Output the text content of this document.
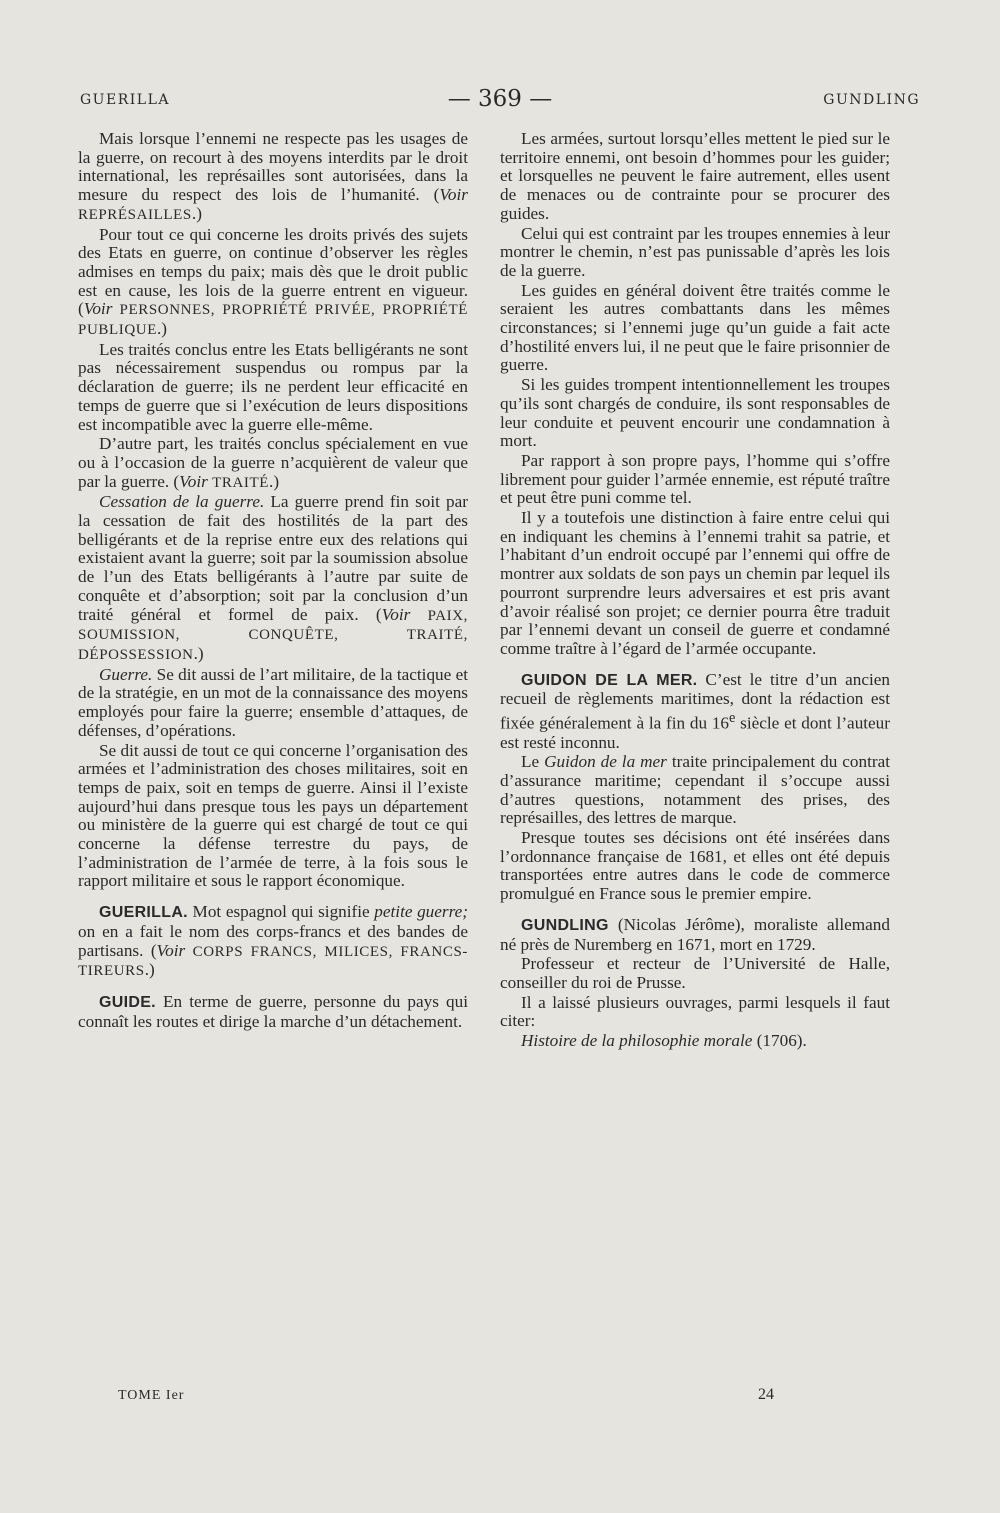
GUERILLA	— 369 —	GUNDLING

Mais lorsque l’ennemi ne respecte pas les usages de la guerre, on recourt à des moyens interdits par le droit international, les représailles sont autorisées, dans la mesure du respect des lois de l’humanité. (Voir REPRÉSAILLES.)

Pour tout ce qui concerne les droits privés des sujets des Etats en guerre, on continue d’observer les règles admises en temps du paix; mais dès que le droit public est en cause, les lois de la guerre entrent en vigueur. (Voir PERSONNES, PROPRIÉTÉ PRIVÉE, PROPRIÉTÉ PUBLIQUE.)

Les traités conclus entre les Etats belligérants ne sont pas nécessairement suspendus ou rompus par la déclaration de guerre; ils ne perdent leur efficacité en temps de guerre que si l’exécution de leurs dispositions est incompatible avec la guerre elle-même.

D’autre part, les traités conclus spécialement en vue ou à l’occasion de la guerre n’acquièrent de valeur que par la guerre. (Voir TRAITÉ.)

Cessation de la guerre. La guerre prend fin soit par la cessation de fait des hostilités de la part des belligérants et de la reprise entre eux des relations qui existaient avant la guerre; soit par la soumission absolue de l’un des Etats belligérants à l’autre par suite de conquête et d’absorption; soit par la conclusion d’un traité général et formel de paix. (Voir PAIX, SOUMISSION, CONQUÊTE, TRAITÉ, DÉPOSSESSION.)

Guerre. Se dit aussi de l’art militaire, de la tactique et de la stratégie, en un mot de la connaissance des moyens employés pour faire la guerre; ensemble d’attaques, de défenses, d’opérations.

Se dit aussi de tout ce qui concerne l’organisation des armées et l’administration des choses militaires, soit en temps de paix, soit en temps de guerre. Ainsi il l’existe aujourd’hui dans presque tous les pays un département ou ministère de la guerre qui est chargé de tout ce qui concerne la défense terrestre du pays, de l’administration de l’armée de terre, à la fois sous le rapport militaire et sous le rapport économique.

GUERILLA. Mot espagnol qui signifie petite guerre; on en a fait le nom des corps-francs et des bandes de partisans. (Voir CORPS FRANCS, MILICES, FRANCS-TIREURS.)

GUIDE. En terme de guerre, personne du pays qui connaît les routes et dirige la marche d’un détachement.

Les armées, surtout lorsqu’elles mettent le pied sur le territoire ennemi, ont besoin d’hommes pour les guider; et lorsquelles ne peuvent le faire autrement, elles usent de menaces ou de contrainte pour se procurer des guides.

Celui qui est contraint par les troupes ennemies à leur montrer le chemin, n’est pas punissable d’après les lois de la guerre.

Les guides en général doivent être traités comme le seraient les autres combattants dans les mêmes circonstances; si l’ennemi juge qu’un guide a fait acte d’hostilité envers lui, il ne peut que le faire prisonnier de guerre.

Si les guides trompent intentionnellement les troupes qu’ils sont chargés de conduire, ils sont responsables de leur conduite et peuvent encourir une condamnation à mort.

Par rapport à son propre pays, l’homme qui s’offre librement pour guider l’armée ennemie, est réputé traître et peut être puni comme tel.

Il y a toutefois une distinction à faire entre celui qui en indiquant les chemins à l’ennemi trahit sa patrie, et l’habitant d’un endroit occupé par l’ennemi qui offre de montrer aux soldats de son pays un chemin par lequel ils pourront surprendre leurs adversaires et est pris avant d’avoir réalisé son projet; ce dernier pourra être traduit par l’ennemi devant un conseil de guerre et condamné comme traître à l’égard de l’armée occupante.

GUIDON DE LA MER. C’est le titre d’un ancien recueil de règlements maritimes, dont la rédaction est fixée généralement à la fin du 16e siècle et dont l’auteur est resté inconnu.

Le Guidon de la mer traite principalement du contrat d’assurance maritime; cependant il s’occupe aussi d’autres questions, notamment des prises, des représailles, des lettres de marque.

Presque toutes ses décisions ont été insérées dans l’ordonnance française de 1681, et elles ont été depuis transportées entre autres dans le code de commerce promulgué en France sous le premier empire.

GUNDLING (Nicolas Jérôme), moraliste allemand né près de Nuremberg en 1671, mort en 1729.

Professeur et recteur de l’Université de Halle, conseiller du roi de Prusse.

Il a laissé plusieurs ouvrages, parmi lesquels il faut citer:

Histoire de la philosophie morale (1706).

TOME Ier	24
